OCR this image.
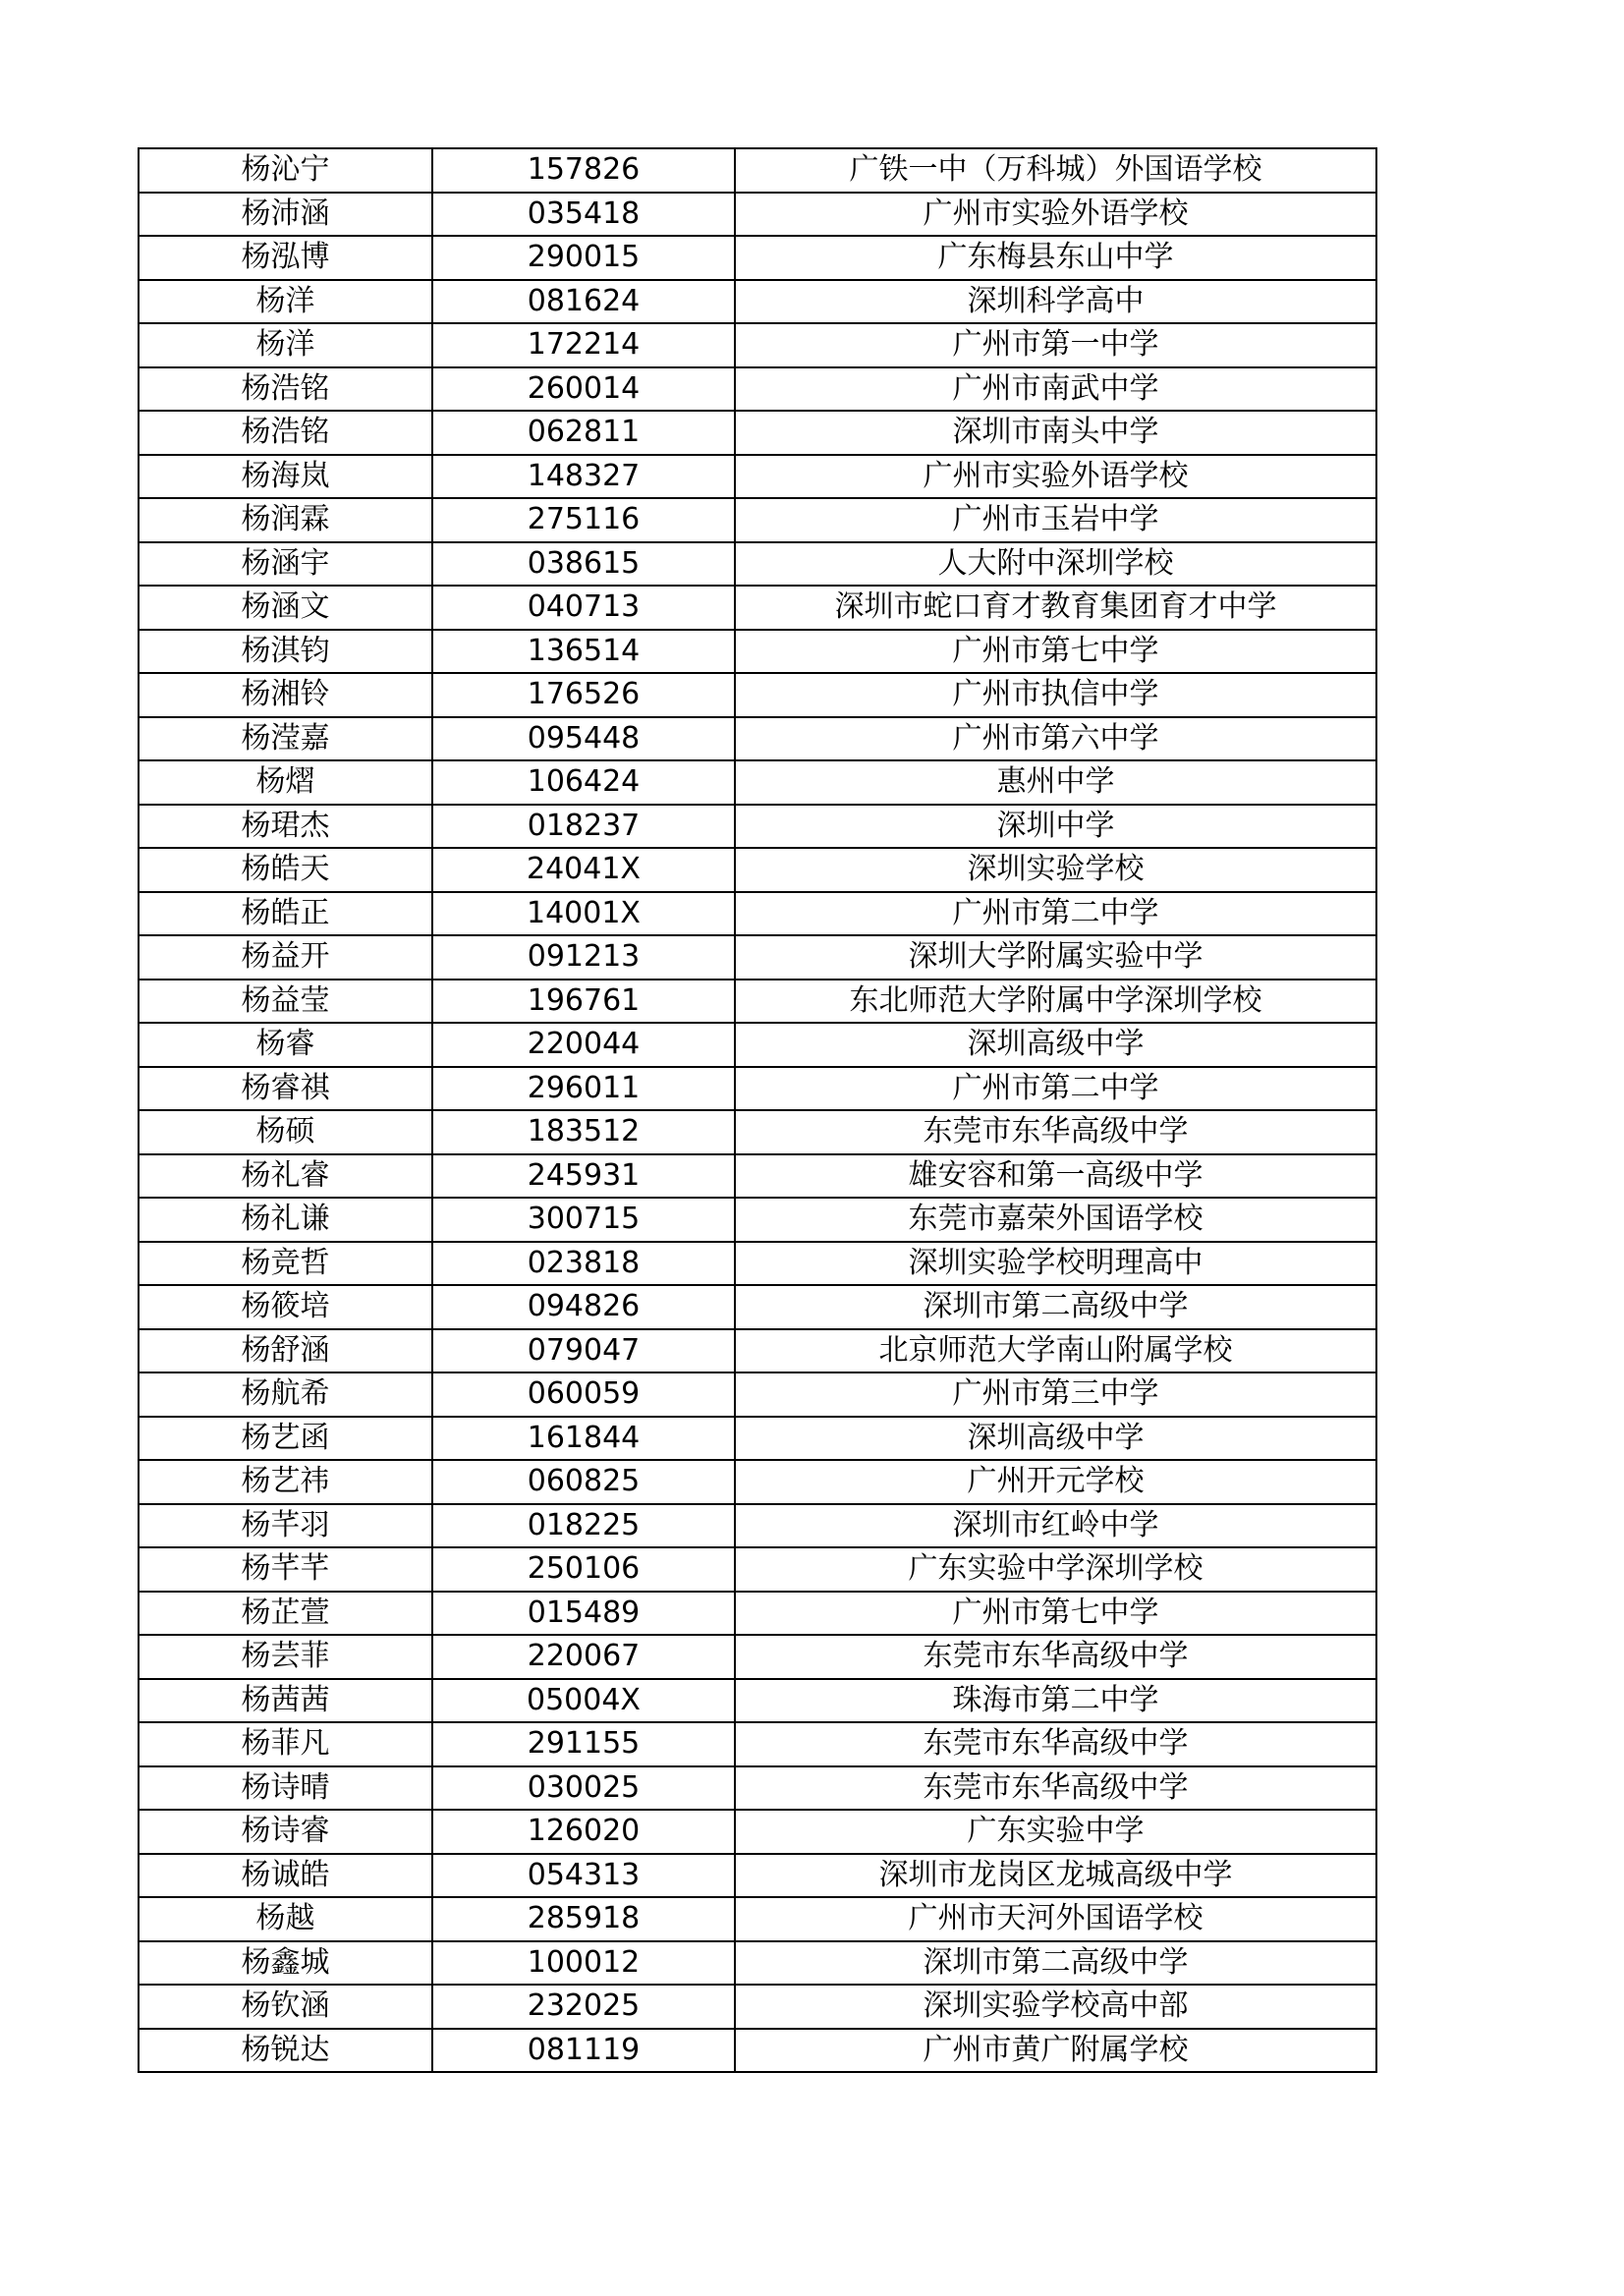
杨沁宁	157826	广铁一中（万科城）外国语学校
杨沛涵	035418	广州市实验外语学校
杨泓博	290015	广东梅县东山中学
杨洋	081624	深圳科学高中
杨洋	172214	广州市第一中学
杨浩铭	260014	广州市南武中学
杨浩铭	062811	深圳市南头中学
杨海岚	148327	广州市实验外语学校
杨润霖	275116	广州市玉岩中学
杨涵宇	038615	人大附中深圳学校
杨涵文	040713	深圳市蛇口育才教育集团育才中学
杨淇钧	136514	广州市第七中学
杨湘铃	176526	广州市执信中学
杨滢嘉	095448	广州市第六中学
杨熠	106424	惠州中学
杨珺杰	018237	深圳中学
杨皓天	24041X	深圳实验学校
杨皓正	14001X	广州市第二中学
杨益开	091213	深圳大学附属实验中学
杨益莹	196761	东北师范大学附属中学深圳学校
杨睿	220044	深圳高级中学
杨睿祺	296011	广州市第二中学
杨硕	183512	东莞市东华高级中学
杨礼睿	245931	雄安容和第一高级中学
杨礼谦	300715	东莞市嘉荣外国语学校
杨竞哲	023818	深圳实验学校明理高中
杨筱培	094826	深圳市第二高级中学
杨舒涵	079047	北京师范大学南山附属学校
杨航希	060059	广州市第三中学
杨艺函	161844	深圳高级中学
杨艺祎	060825	广州开元学校
杨芊羽	018225	深圳市红岭中学
杨芊芊	250106	广东实验中学深圳学校
杨芷萱	015489	广州市第七中学
杨芸菲	220067	东莞市东华高级中学
杨茜茜	05004X	珠海市第二中学
杨菲凡	291155	东莞市东华高级中学
杨诗晴	030025	东莞市东华高级中学
杨诗睿	126020	广东实验中学
杨诚皓	054313	深圳市龙岗区龙城高级中学
杨越	285918	广州市天河外国语学校
杨鑫城	100012	深圳市第二高级中学
杨钦涵	232025	深圳实验学校高中部
杨锐达	081119	广州市黄广附属学校
